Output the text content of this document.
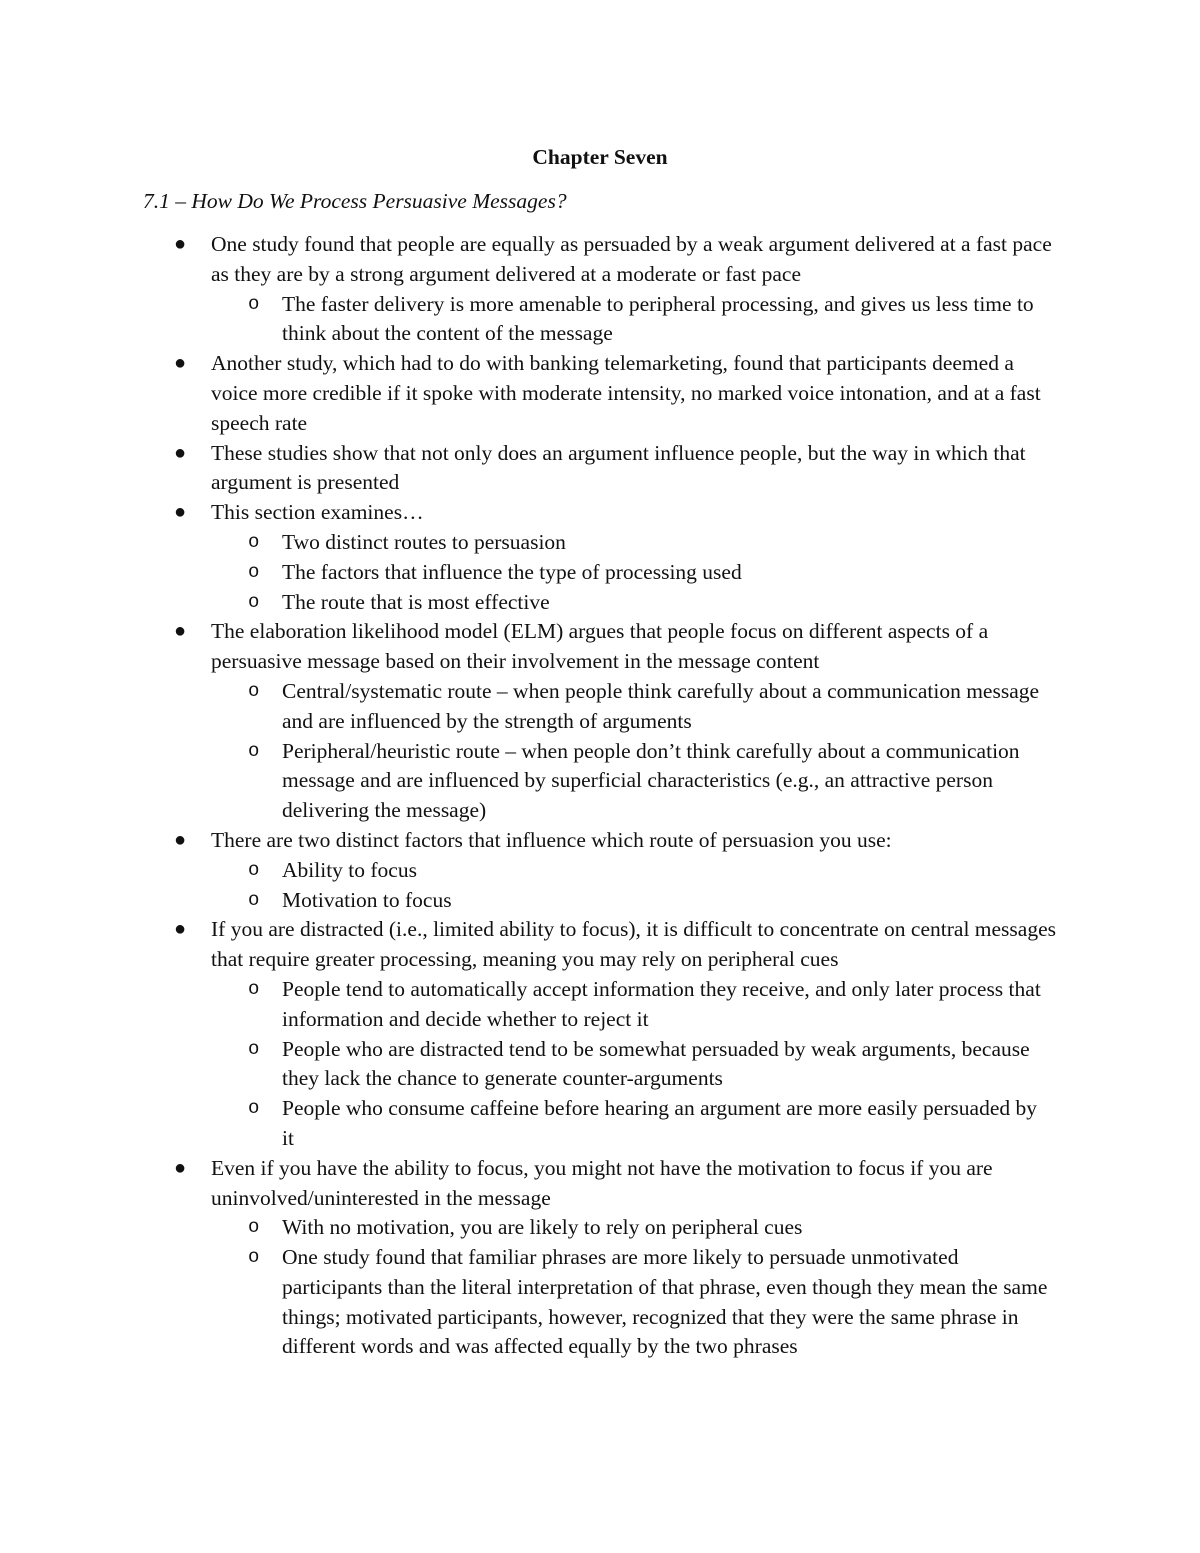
Chapter Seven
7.1 – How Do We Process Persuasive Messages?
● One study found that people are equally as persuaded by a weak argument delivered at a fast pace as they are by a strong argument delivered at a moderate or fast pace
o The faster delivery is more amenable to peripheral processing, and gives us less time to think about the content of the message
● Another study, which had to do with banking telemarketing, found that participants deemed a voice more credible if it spoke with moderate intensity, no marked voice intonation, and at a fast speech rate
● These studies show that not only does an argument influence people, but the way in which that argument is presented
● This section examines…
o Two distinct routes to persuasion
o The factors that influence the type of processing used
o The route that is most effective
● The elaboration likelihood model (ELM) argues that people focus on different aspects of a persuasive message based on their involvement in the message content
o Central/systematic route – when people think carefully about a communication message and are influenced by the strength of arguments
o Peripheral/heuristic route – when people don’t think carefully about a communication message and are influenced by superficial characteristics (e.g., an attractive person delivering the message)
● There are two distinct factors that influence which route of persuasion you use:
o Ability to focus
o Motivation to focus
● If you are distracted (i.e., limited ability to focus), it is difficult to concentrate on central messages that require greater processing, meaning you may rely on peripheral cues
o People tend to automatically accept information they receive, and only later process that information and decide whether to reject it
o People who are distracted tend to be somewhat persuaded by weak arguments, because they lack the chance to generate counter-arguments
o People who consume caffeine before hearing an argument are more easily persuaded by it
● Even if you have the ability to focus, you might not have the motivation to focus if you are uninvolved/uninterested in the message
o With no motivation, you are likely to rely on peripheral cues
o One study found that familiar phrases are more likely to persuade unmotivated participants than the literal interpretation of that phrase, even though they mean the same things; motivated participants, however, recognized that they were the same phrase in different words and was affected equally by the two phrases
